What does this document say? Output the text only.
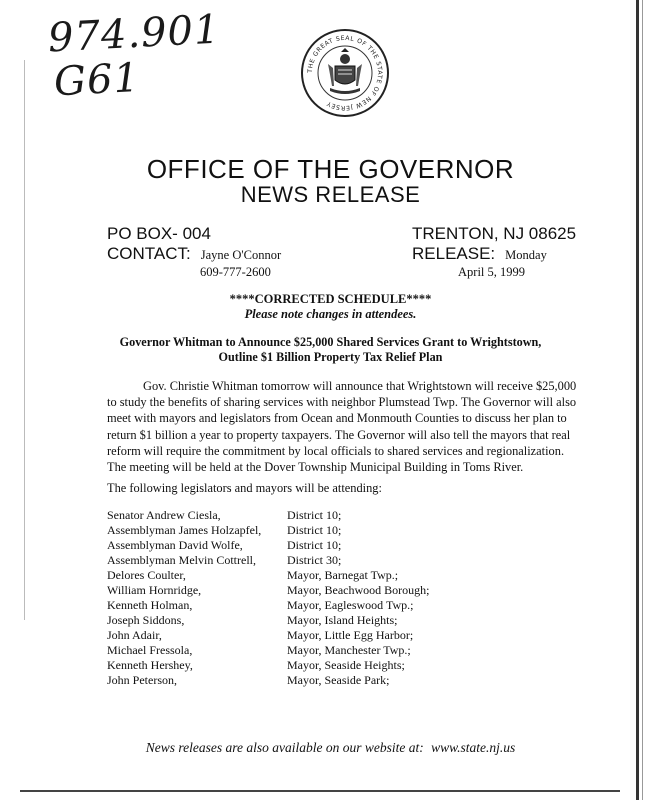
974.901
G61	THE GREAT SEAL OF THE STATE OF NEW JERSEY
OFFICE OF THE GOVERNOR
NEWS RELEASE
PO BOX- 004
CONTACT: Jayne O'Connor
609-777-2600
TRENTON, NJ 08625
RELEASE: Monday
April 5, 1999
****CORRECTED SCHEDULE****
Please note changes in attendees.
Governor Whitman to Announce $25,000 Shared Services Grant to Wrightstown,
Outline $1 Billion Property Tax Relief Plan
Gov. Christie Whitman tomorrow will announce that Wrightstown will receive $25,000
to study the benefits of sharing services with neighbor Plumstead Twp. The Governor will also
meet with mayors and legislators from Ocean and Monmouth Counties to discuss her plan to
return $1 billion a year to property taxpayers. The Governor will also tell the mayors that real
reform will require the commitment by local officials to shared services and regionalization.
The meeting will be held at the Dover Township Municipal Building in Toms River.
The following legislators and mayors will be attending:
Senator Andrew Ciesla,	District 10;
Assemblyman James Holzapfel, District 10;
Assemblyman David Wolfe,	District 10;
Assemblyman Melvin Cottrell,	District 30;
Delores Coulter,	Mayor, Barnegat Twp.;
William Hornridge,	Mayor, Beachwood Borough;
Kenneth Holman,	Mayor, Eagleswood Twp.;
Joseph Siddons,	Mayor, Island Heights;
John Adair,	Mayor, Little Egg Harbor;
Michael Fressola,	Mayor, Manchester Twp.;
Kenneth Hershey,	Mayor, Seaside Heights;
John Peterson,	Mayor, Seaside Park;
News releases are also available on our website at: www.state.nj.us
